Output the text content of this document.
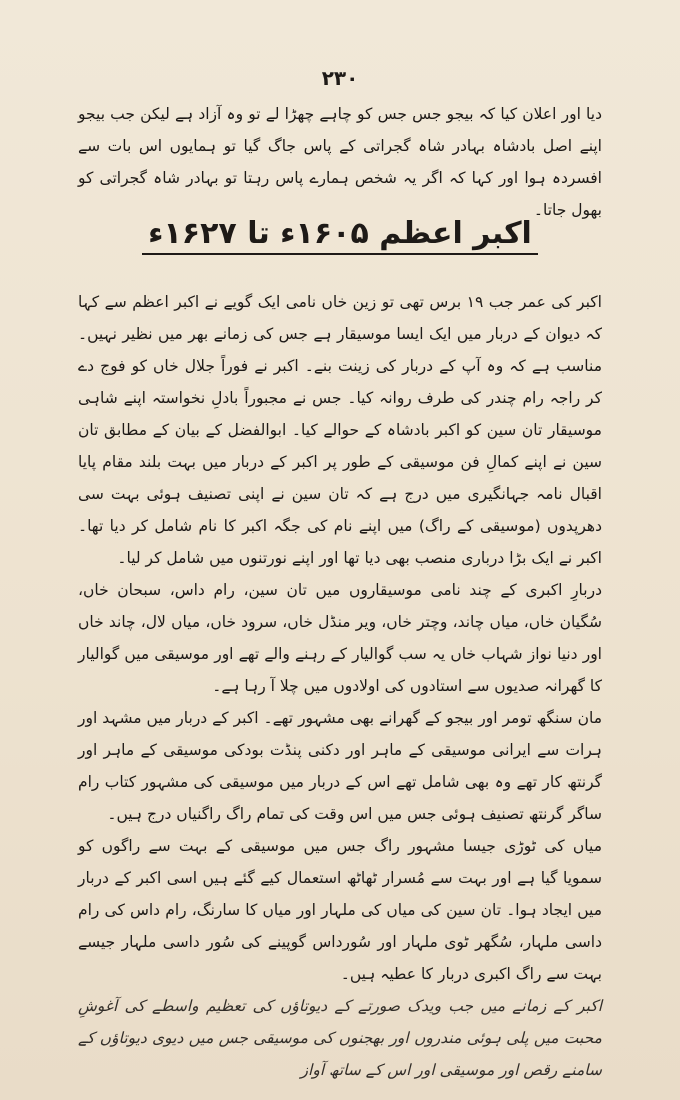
۲۳۰

دیا اور اعلان کیا کہ بیجو جس جس کو چاہے چھڑا لے تو وہ آزاد ہے لیکن جب بیجو اپنے اصل بادشاہ بہادر شاہ گجراتی کے پاس جاگ گیا تو ہمایوں اس بات سے افسردہ ہوا اور کہا کہ اگر یہ شخص ہمارے پاس رہتا تو بہادر شاہ گجراتی کو بھول جاتا۔

اکبر اعظم ۱۶۰۵ء تا ۱۶۲۷ء

اکبر کی عمر جب ۱۹ برس تھی تو زین خاں نامی ایک گویے نے اکبر اعظم سے کہا کہ دیوان کے دربار میں ایک ایسا موسیقار ہے جس کی زمانے بھر میں نظیر نہیں۔ مناسب ہے کہ وہ آپ کے دربار کی زینت بنے۔ اکبر نے فوراً جلال خاں کو فوج دے کر راجہ رام چندر کی طرف روانہ کیا۔ جس نے مجبوراً بادلِ نخواستہ اپنے شاہی موسیقار تان سین کو اکبر بادشاہ کے حوالے کیا۔ ابوالفضل کے بیان کے مطابق تان سین نے اپنے کمالِ فن موسیقی کے طور پر اکبر کے دربار میں بہت بلند مقام پایا اقبال نامہ جہانگیری میں درج ہے کہ تان سین نے اپنی تصنیف ہوئی بہت سی دھرپدوں (موسیقی کے راگ) میں اپنے نام کی جگہ اکبر کا نام شامل کر دیا تھا۔ اکبر نے ایک بڑا درباری منصب بھی دیا تھا اور اپنے نورتنوں میں شامل کر لیا۔

دربارِ اکبری کے چند نامی موسیقاروں میں تان سین، رام داس، سبحان خاں، سُگیان خاں، میاں چاند، وچتر خاں، ویر منڈل خاں، سرود خاں، میاں لال، چاند خاں اور دنیا نواز شہاب خاں یہ سب گوالیار کے رہنے والے تھے اور موسیقی میں گوالیار کا گھرانہ صدیوں سے استادوں کی اولادوں میں چلا آ رہا ہے۔

مان سنگھ تومر اور بیجو کے گھرانے بھی مشہور تھے۔ اکبر کے دربار میں مشہد اور ہرات سے ایرانی موسیقی کے ماہر اور دکنی پنڈت بودکی موسیقی کے ماہر اور گرنتھ کار تھے وہ بھی شامل تھے اس کے دربار میں موسیقی کی مشہور کتاب رام ساگر گرنتھ تصنیف ہوئی جس میں اس وقت کی تمام راگ راگنیاں درج ہیں۔

میاں کی ٹوڑی جیسا مشہور راگ جس میں موسیقی کے بہت سے راگوں کو سمویا گیا ہے اور بہت سے مُسرار ٹھاٹھ استعمال کیے گئے ہیں اسی اکبر کے دربار میں ایجاد ہوا۔ تان سین کی میاں کی ملہار اور میاں کا سارنگ، رام داس کی رام داسی ملہار، سُگھر ٹوی ملہار اور سُورداس گوپینے کی سُور داسی ملہار جیسے بہت سے راگ اکبری دربار کا عطیہ ہیں۔

اکبر کے زمانے میں جب ویدک صورتے کے دیوتاؤں کی تعظیم واسطے کی آغوشِ محبت میں پلی ہوئی مندروں اور بھجنوں کی موسیقی جس میں دیوی دیوتاؤں کے سامنے رقص اور موسیقی اور اس کے ساتھ آواز
